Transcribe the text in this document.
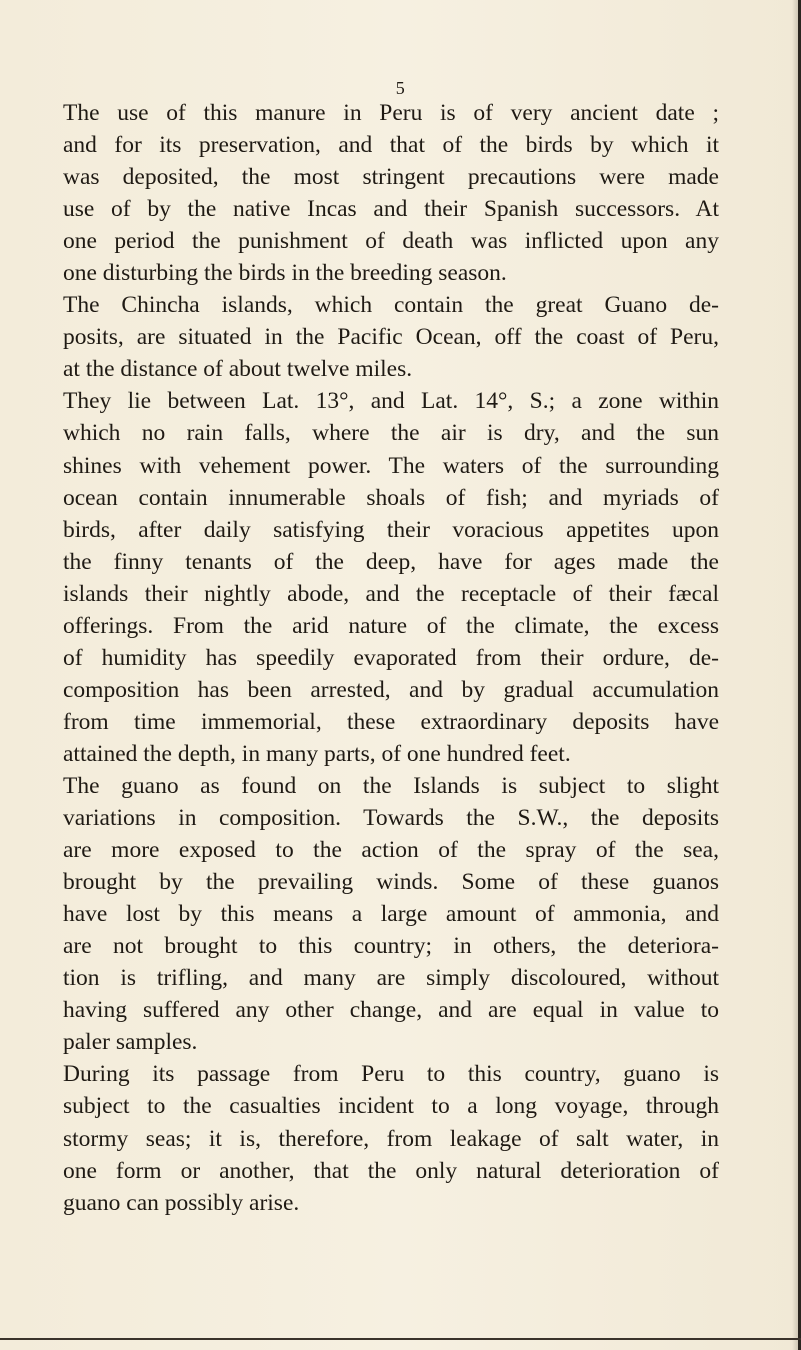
5
The use of this manure in Peru is of very ancient date ;
and for its preservation, and that of the birds by which it
was deposited, the most stringent precautions were made
use of by the native Incas and their Spanish successors. At
one period the punishment of death was inflicted upon any
one disturbing the birds in the breeding season.
The Chincha islands, which contain the great Guano de-
posits, are situated in the Pacific Ocean, off the coast of Peru,
at the distance of about twelve miles.
They lie between Lat. 13°, and Lat. 14°, S.; a zone within
which no rain falls, where the air is dry, and the sun
shines with vehement power. The waters of the surrounding
ocean contain innumerable shoals of fish; and myriads of
birds, after daily satisfying their voracious appetites upon
the finny tenants of the deep, have for ages made the
islands their nightly abode, and the receptacle of their fæcal
offerings. From the arid nature of the climate, the excess
of humidity has speedily evaporated from their ordure, de-
composition has been arrested, and by gradual accumulation
from time immemorial, these extraordinary deposits have
attained the depth, in many parts, of one hundred feet.
The guano as found on the Islands is subject to slight
variations in composition. Towards the S.W., the deposits
are more exposed to the action of the spray of the sea,
brought by the prevailing winds. Some of these guanos
have lost by this means a large amount of ammonia, and
are not brought to this country; in others, the deteriora-
tion is trifling, and many are simply discoloured, without
having suffered any other change, and are equal in value to
paler samples.
During its passage from Peru to this country, guano is
subject to the casualties incident to a long voyage, through
stormy seas; it is, therefore, from leakage of salt water, in
one form or another, that the only natural deterioration of
guano can possibly arise.
